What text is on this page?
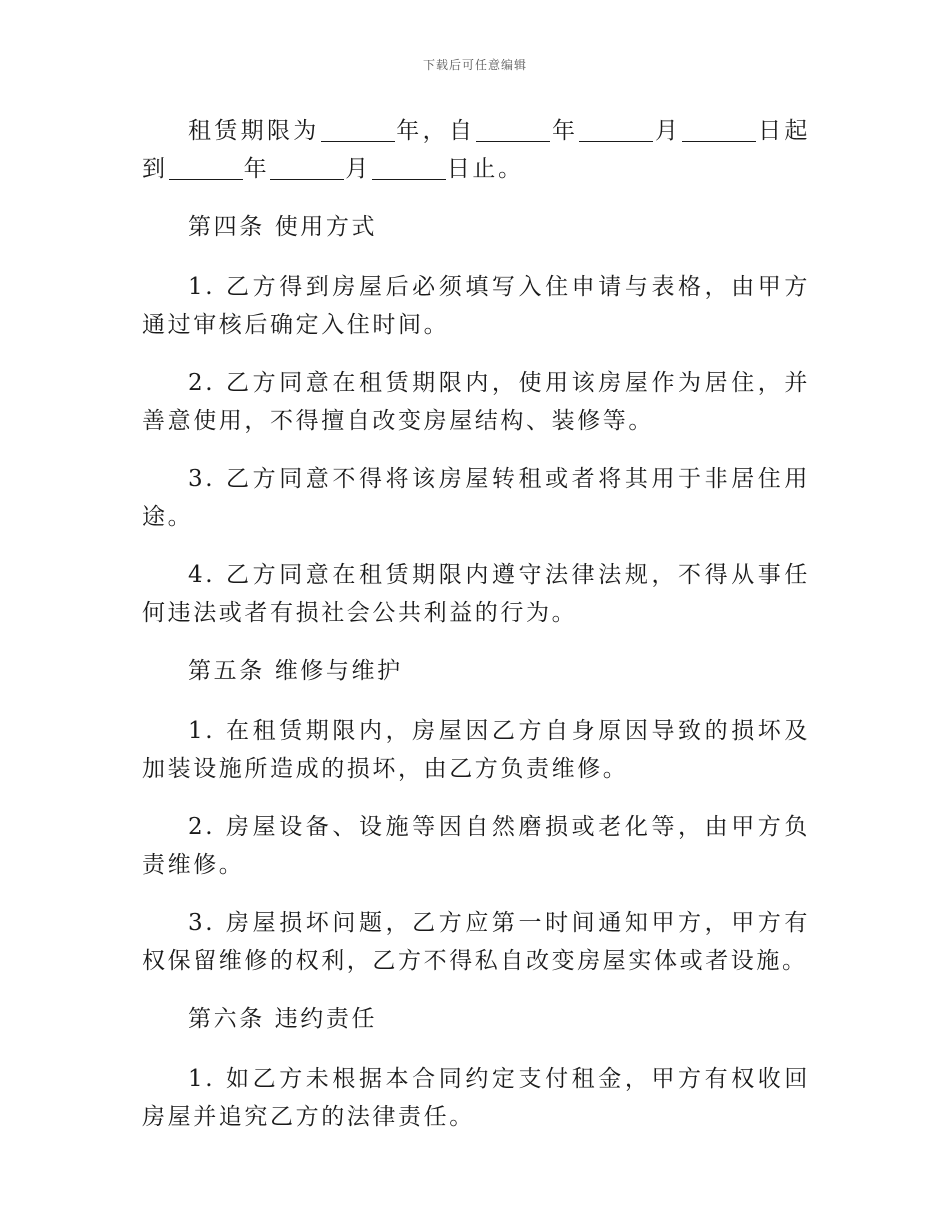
下载后可任意编辑

租赁期限为	年，自	年	月	日起到	年	月	日止。

第四条 使用方式

1. 乙方得到房屋后必须填写入住申请与表格，由甲方通过审核后确定入住时间。

2. 乙方同意在租赁期限内，使用该房屋作为居住，并善意使用，不得擅自改变房屋结构、装修等。

3. 乙方同意不得将该房屋转租或者将其用于非居住用途。

4. 乙方同意在租赁期限内遵守法律法规，不得从事任何违法或者有损社会公共利益的行为。

第五条 维修与维护

1. 在租赁期限内，房屋因乙方自身原因导致的损坏及加装设施所造成的损坏，由乙方负责维修。

2. 房屋设备、设施等因自然磨损或老化等，由甲方负责维修。

3. 房屋损坏问题，乙方应第一时间通知甲方，甲方有权保留维修的权利，乙方不得私自改变房屋实体或者设施。

第六条 违约责任

1. 如乙方未根据本合同约定支付租金，甲方有权收回房屋并追究乙方的法律责任。
